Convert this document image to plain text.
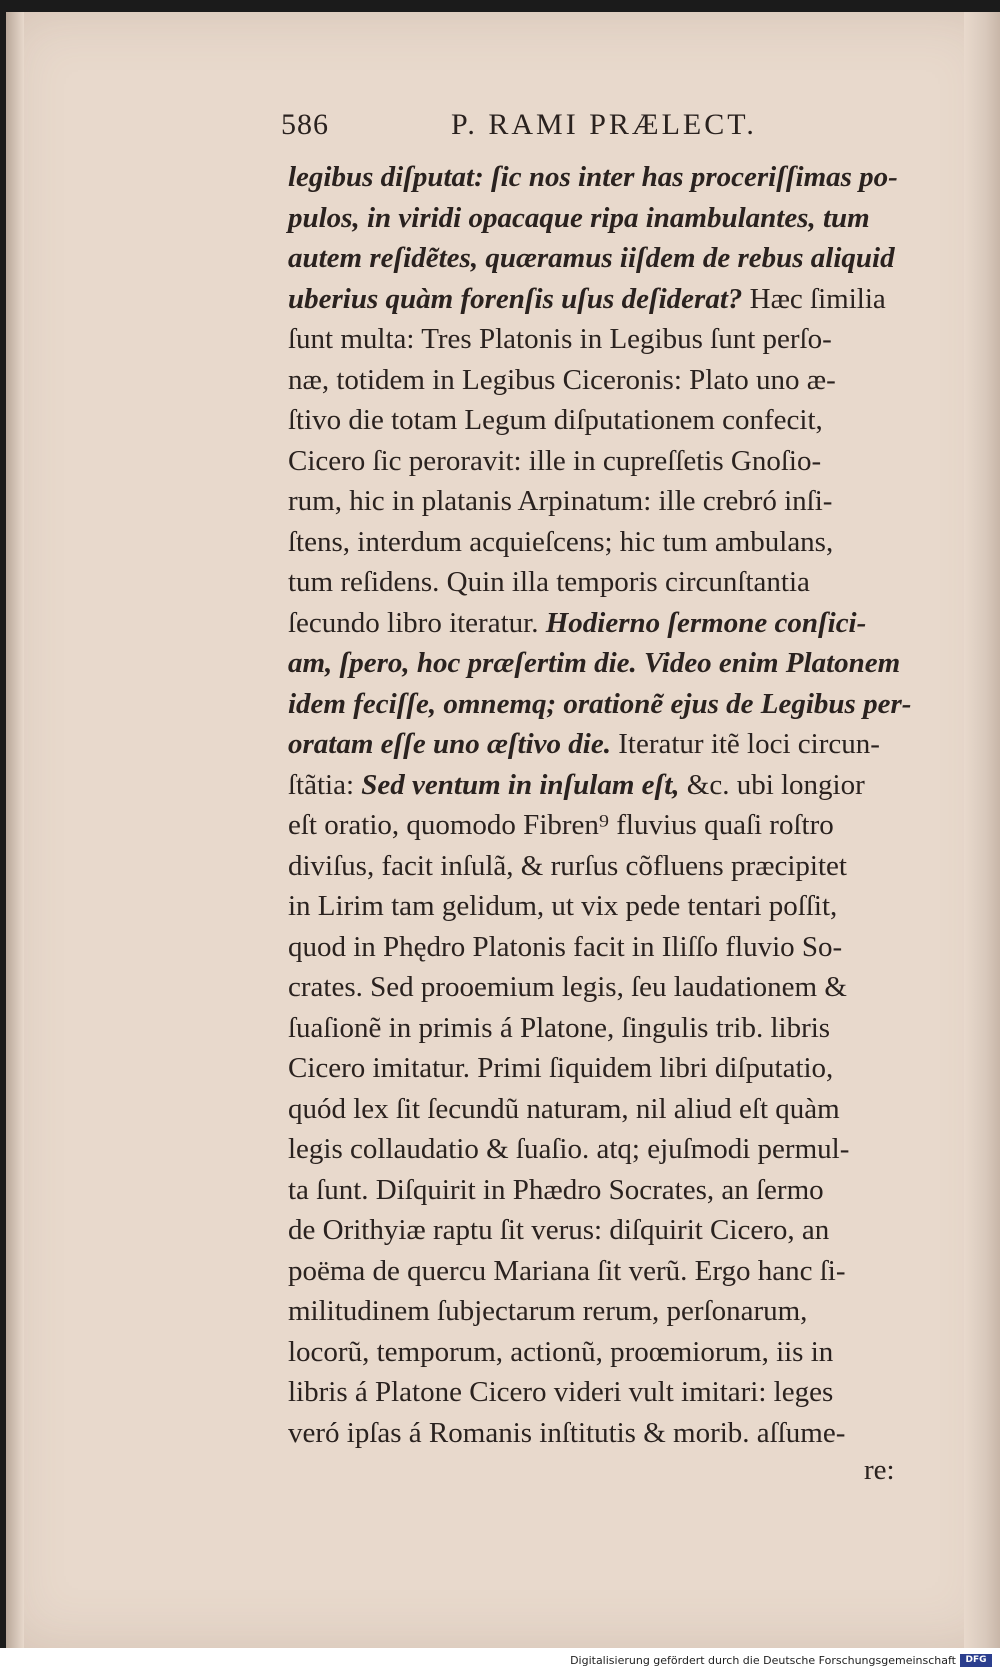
586	P. RAMI PRÆLECT.
legibus diſputat: ſic nos inter has proceriſſimas po-
pulos, in viridi opacaque ripa inambulantes, tum
autem reſidẽtes, quæramus iiſdem de rebus aliquid
uberius quàm forenſis uſus deſiderat? Hæc ſimilia
ſunt multa: Tres Platonis in Legibus ſunt perſo-
næ, totidem in Legibus Ciceronis: Plato uno æ-
ſtivo die totam Legum diſputationem confecit,
Cicero ſic peroravit: ille in cupreſſetis Gnoſio-
rum, hic in platanis Arpinatum: ille crebró inſi-
ſtens, interdum acquieſcens; hic tum ambulans,
tum reſidens. Quin illa temporis circunſtantia
ſecundo libro iteratur. Hodierno ſermone conſici-
am, ſpero, hoc præſertim die. Video enim Platonem
idem feciſſe, omnemq; orationẽ ejus de Legibus per-
oratam eſſe uno æſtivo die. Iteratur itẽ loci circun-
ſtãtia: Sed ventum in inſulam eſt, &c. ubi longior
eſt oratio, quomodo Fibren⁹ fluvius quaſi roſtro
diviſus, facit inſulã, & rurſus cõfluens præcipitet
in Lirim tam gelidum, ut vix pede tentari poſſit,
quod in Phędro Platonis facit in Iliſſo fluvio So-
crates. Sed prooemium legis, ſeu laudationem &
ſuaſionẽ in primis á Platone, ſingulis trib. libris
Cicero imitatur. Primi ſiquidem libri diſputatio,
quód lex ſit ſecundũ naturam, nil aliud eſt quàm
legis collaudatio & ſuaſio. atq; ejuſmodi permul-
ta ſunt. Diſquirit in Phædro Socrates, an ſermo
de Orithyiæ raptu ſit verus: diſquirit Cicero, an
poëma de quercu Mariana ſit verũ. Ergo hanc ſi-
militudinem ſubjectarum rerum, perſonarum,
locorũ, temporum, actionũ, proœmiorum, iis in
libris á Platone Cicero videri vult imitari: leges
veró ipſas á Romanis inſtitutis & morib. aſſume-
re:
Digitalisierung gefördert durch die Deutsche Forschungsgemeinschaft	DFG
